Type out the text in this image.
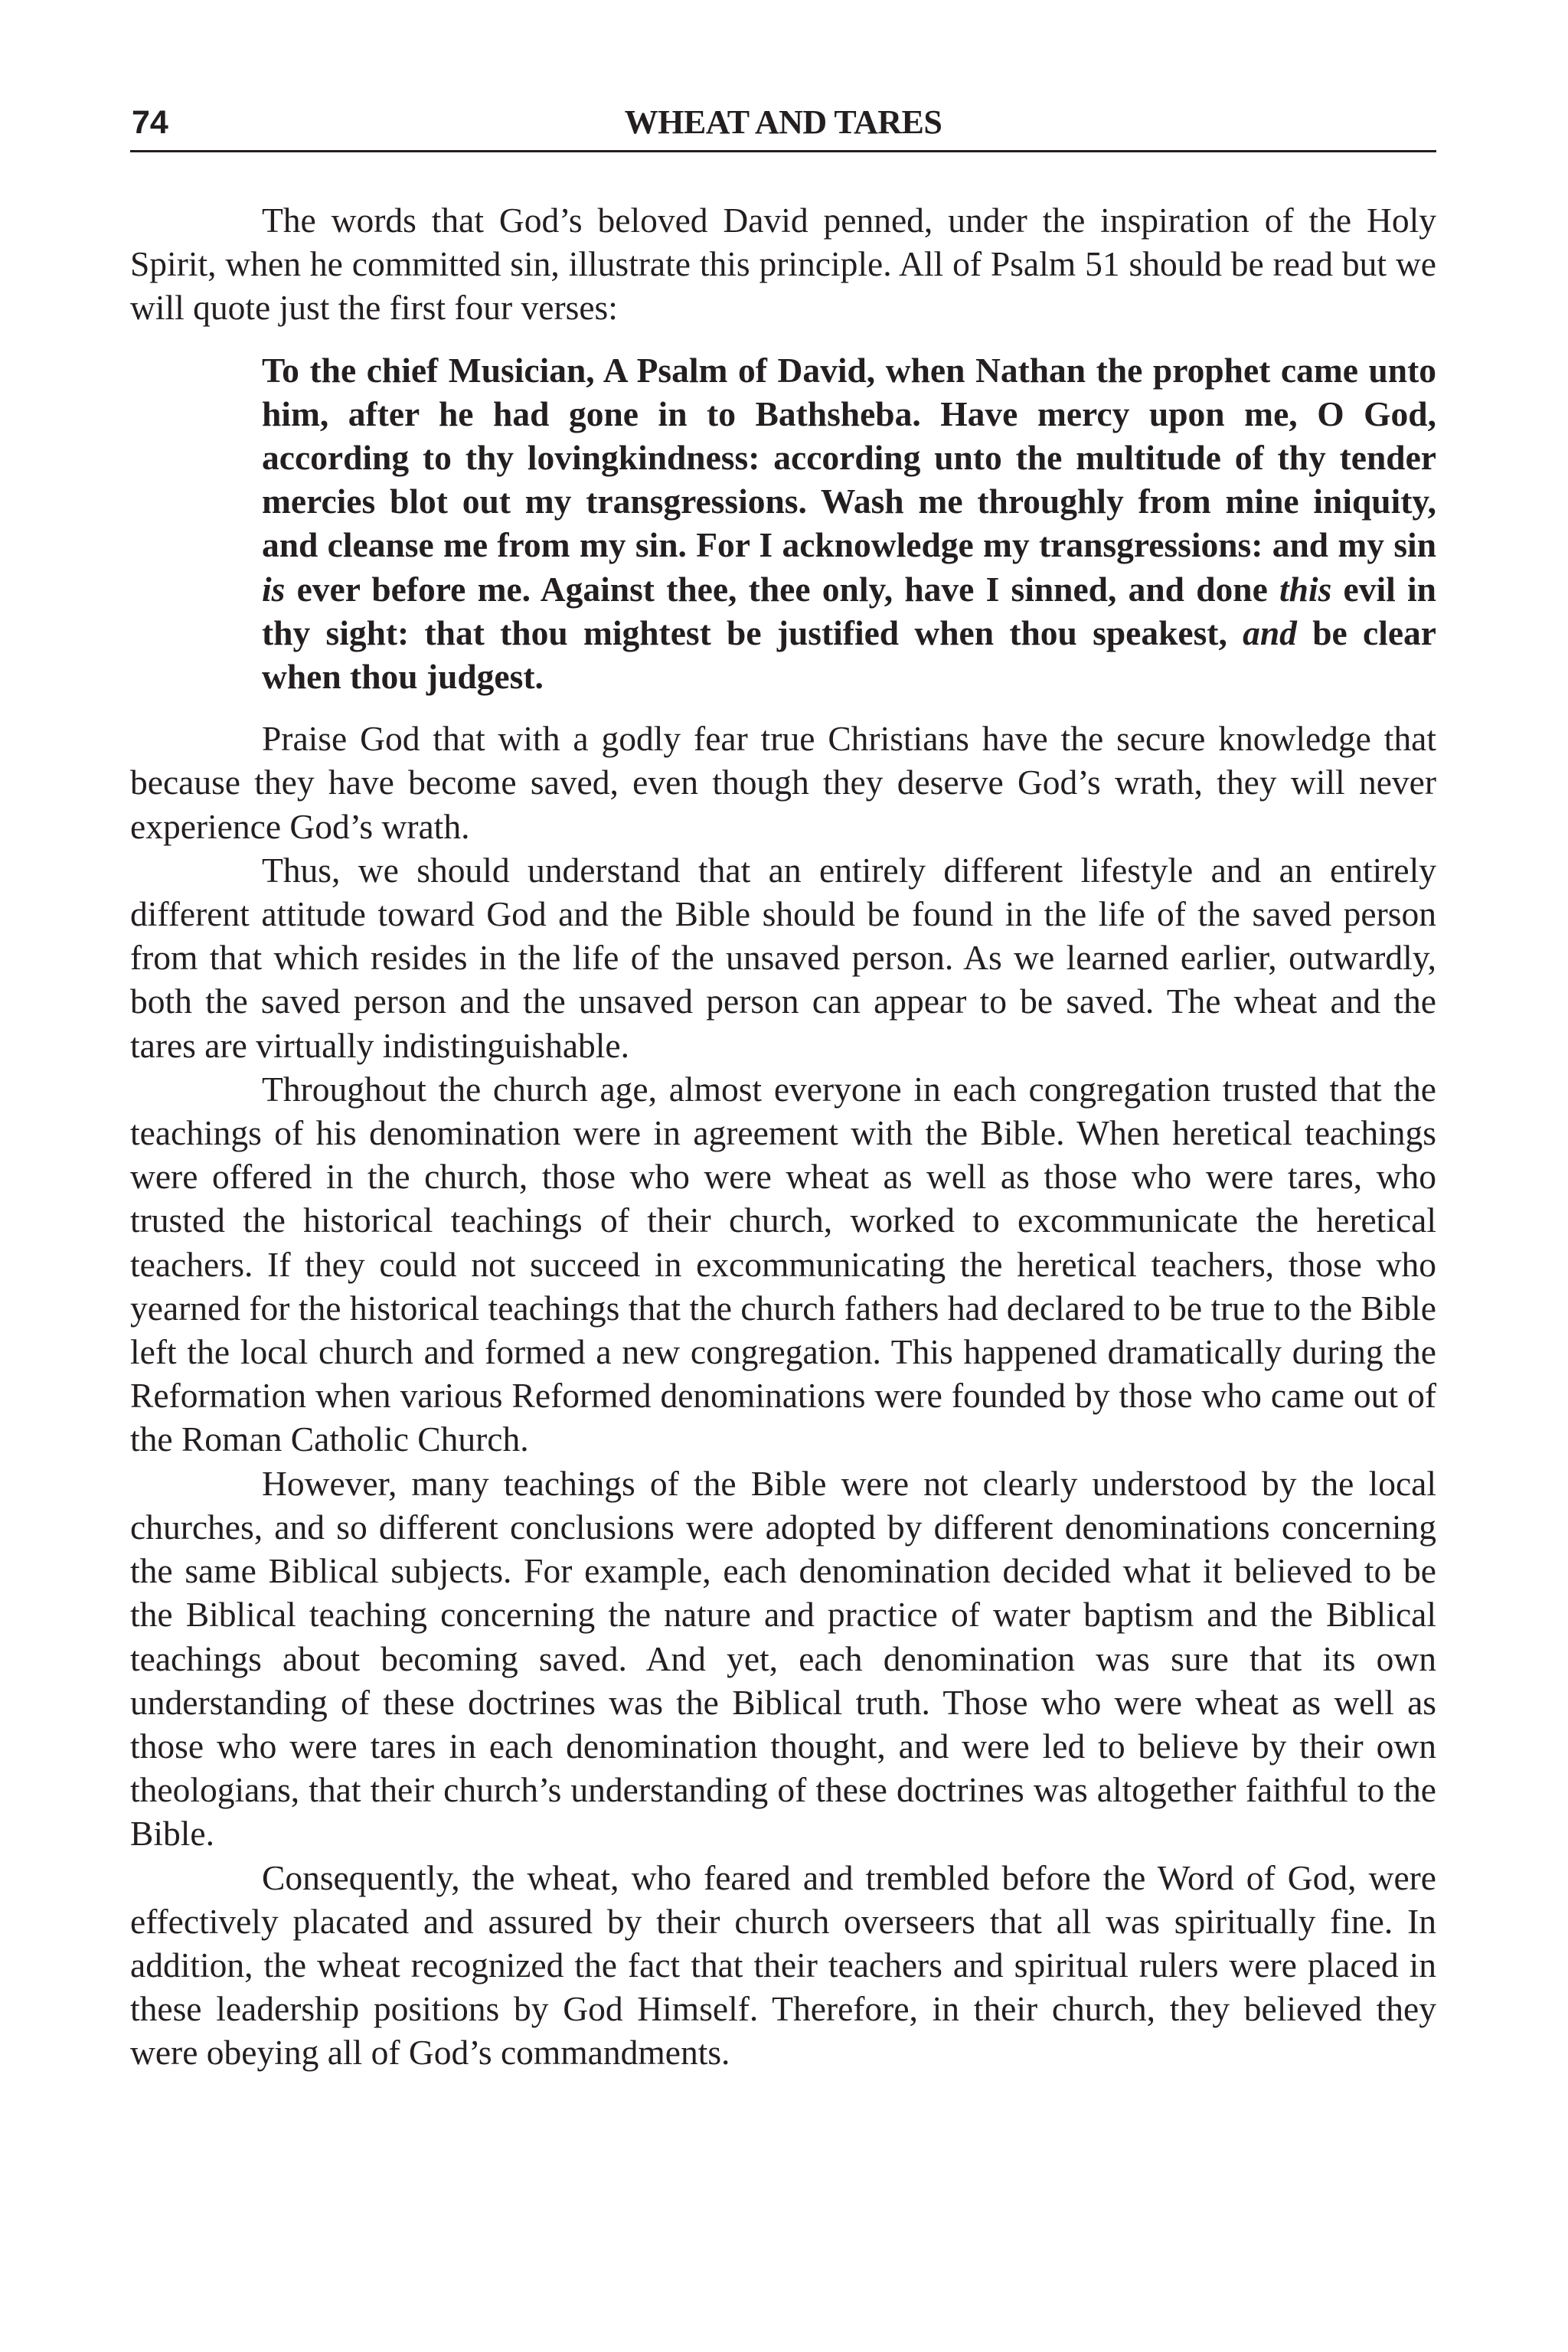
74	WHEAT AND TARES

The words that God’s beloved David penned, under the inspiration of the Holy Spirit, when he committed sin, illustrate this principle. All of Psalm 51 should be read but we will quote just the first four verses:

To the chief Musician, A Psalm of David, when Nathan the prophet came unto him, after he had gone in to Bathsheba. Have mercy upon me, O God, according to thy lovingkindness: according unto the multitude of thy tender mercies blot out my transgressions. Wash me throughly from mine iniquity, and cleanse me from my sin. For I acknowledge my transgressions: and my sin is ever before me. Against thee, thee only, have I sinned, and done this evil in thy sight: that thou mightest be justified when thou speakest, and be clear when thou judgest.

Praise God that with a godly fear true Christians have the secure knowledge that because they have become saved, even though they deserve God’s wrath, they will never experience God’s wrath.

Thus, we should understand that an entirely different lifestyle and an entirely different attitude toward God and the Bible should be found in the life of the saved person from that which resides in the life of the unsaved person. As we learned earlier, outwardly, both the saved person and the unsaved person can appear to be saved. The wheat and the tares are virtually indistinguishable.

Throughout the church age, almost everyone in each congregation trusted that the teachings of his denomination were in agreement with the Bible. When heretical teachings were offered in the church, those who were wheat as well as those who were tares, who trusted the historical teachings of their church, worked to excommunicate the heretical teachers. If they could not succeed in excommunicating the heretical teachers, those who yearned for the historical teachings that the church fathers had declared to be true to the Bible left the local church and formed a new congregation. This happened dramatically during the Reformation when various Reformed denominations were founded by those who came out of the Roman Catholic Church.

However, many teachings of the Bible were not clearly understood by the local churches, and so different conclusions were adopted by different denominations concerning the same Biblical subjects. For example, each denomination decided what it believed to be the Biblical teaching concerning the nature and practice of water baptism and the Biblical teachings about becoming saved. And yet, each denomination was sure that its own understanding of these doctrines was the Biblical truth. Those who were wheat as well as those who were tares in each denomination thought, and were led to believe by their own theologians, that their church’s understanding of these doctrines was altogether faithful to the Bible.

Consequently, the wheat, who feared and trembled before the Word of God, were effectively placated and assured by their church overseers that all was spiritually fine. In addition, the wheat recognized the fact that their teachers and spiritual rulers were placed in these leadership positions by God Himself. Therefore, in their church, they believed they were obeying all of God’s commandments.
